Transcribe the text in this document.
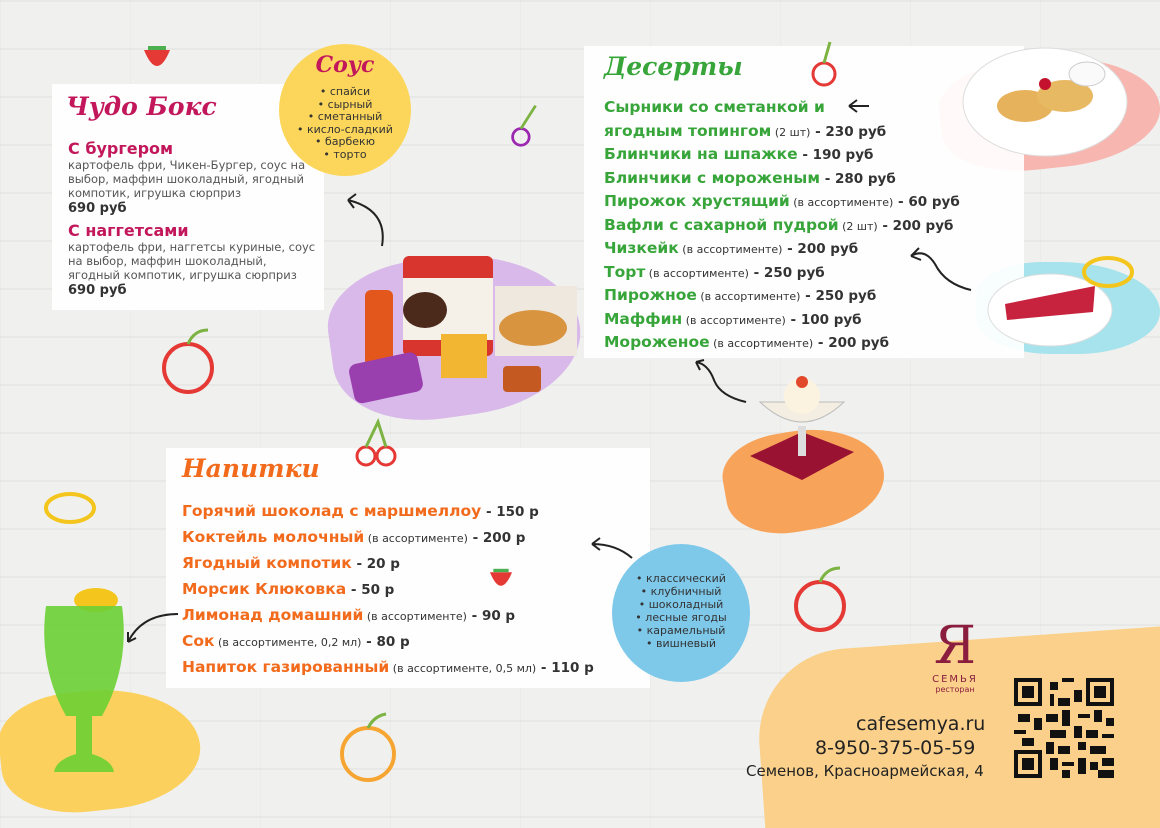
Чудо Бокс
С бургером
картофель фри, Чикен-Бургер, соус на выбор, маффин шоколадный, ягодный компотик, игрушка сюрприз
690 руб
С наггетсами
картофель фри, наггетсы куриные, соус на выбор, маффин шоколадный, ягодный компотик, игрушка сюрприз
690 руб
Соус
• спайси
• сырный
• сметанный
• кисло-сладкий
• барбекю
• торто
Десерты
Сырники со сметанкой и
ягодным топингом (2 шт) - 230 руб
Блинчики на шпажке - 190 руб
Блинчики с мороженым - 280 руб
Пирожок хрустящий (в ассортименте) - 60 руб
Вафли с сахарной пудрой (2 шт) - 200 руб
Чизкейк (в ассортименте) - 200 руб
Торт (в ассортименте) - 250 руб
Пирожное (в ассортименте) - 250 руб
Маффин (в ассортименте) - 100 руб
Мороженое (в ассортименте) - 200 руб
Напитки
Горячий шоколад с маршмеллоу - 150 р
Коктейль молочный (в ассортименте) - 200 р
Ягодный компотик - 20 р
Морсик Клюковка - 50 р
Лимонад домашний (в ассортименте) - 90 р
Сок (в ассортименте, 0,2 мл) - 80 р
Напиток газированный (в ассортименте, 0,5 мл) - 110 р
• классический
• клубничный
• шоколадный
• лесные ягоды
• карамельный
• вишневый	Я
СЕМЬЯ
ресторан
cafesemya.ru
8-950-375-05-59
Семенов, Красноармейская, 4
